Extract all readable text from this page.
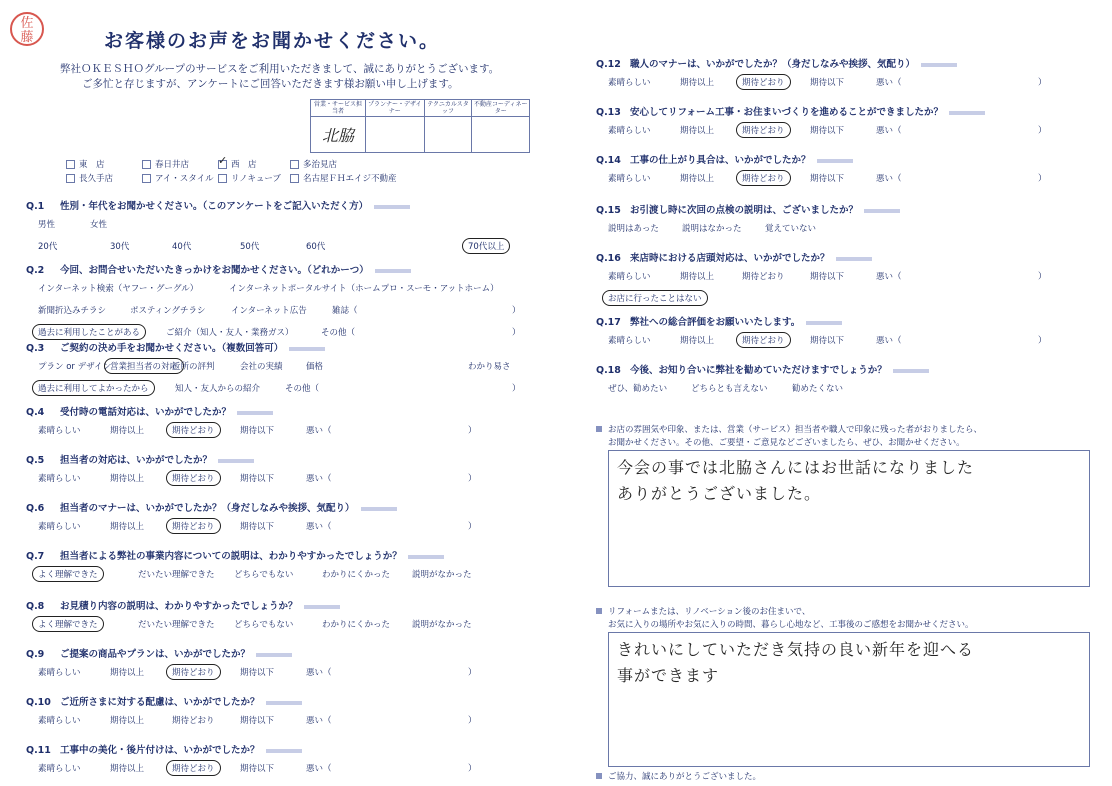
佐
藤	お客様のお声をお聞かせください。
弊社ＯＫＥＳＨＯグループのサービスをご利用いただきまして、誠にありがとうございます。
ご多忙と存じますが、アンケートにご回答いただきます様お願い申し上げます。
営業・サービス担当者	プランナー・デザイナー	テクニカルスタッフ	不動産コーディネーター
北脇			
東　店	春日井店 ✓	西　店	多治見店
長久手店	アイ・スタイル	リノキューブ	名古屋ＦＨエイジ不動産
Q.1 性別・年代をお聞かせください。（このアンケートをご記入いただく方）
男性	女性
20代	30代	40代	50代	60代	70代以上
Q.2 今回、お問合せいただいたきっかけをお聞かせください。（どれかーつ）
インターネット検索（ヤフー・グーグル）	インターネットポータルサイト（ホームプロ・スーモ・アットホーム）
新聞折込みチラシ	ポスティングチラシ	インターネット広告	雑誌（	）
過去に利用したことがある	ご紹介（知人・友人・業務ガス）	その他（	）
Q.3 ご契約の決め手をお聞かせください。（複数回答可）
プラン or デザイン
営業担当者の対応
近所の評判	会社の実績	価格	わかり易さ
過去に利用してよかったから	知人・友人からの紹介	その他（	）
Q.4 受付時の電話対応は、いかがでしたか？
素晴らしい	期待以上	期待どおり	期待以下	悪い（	）
Q.5 担当者の対応は、いかがでしたか？
素晴らしい	期待以上	期待どおり	期待以下	悪い（	）
Q.6 担当者のマナーは、いかがでしたか？（身だしなみや挨拶、気配り）
素晴らしい	期待以上	期待どおり	期待以下	悪い（	）
Q.7 担当者による弊社の事業内容についての説明は、わかりやすかったでしょうか？
よく理解できた	だいたい理解できた どちらでもない	わかりにくかった	説明がなかった
Q.8 お見積り内容の説明は、わかりやすかったでしょうか？
よく理解できた	だいたい理解できた どちらでもない	わかりにくかった	説明がなかった
Q.9 ご提案の商品やプランは、いかがでしたか？
素晴らしい	期待以上	期待どおり	期待以下	悪い（	）
Q.10 ご近所さまに対する配慮は、いかがでしたか？
素晴らしい	期待以上	期待どおり	期待以下	悪い（	）
Q.11 工事中の美化・後片付けは、いかがでしたか？
素晴らしい	期待以上	期待どおり	期待以下	悪い（	）
Q.12 職人のマナーは、いかがでしたか？（身だしなみや挨拶、気配り）
素晴らしい	期待以上	期待どおり	期待以下	悪い（	）
Q.13 安心してリフォーム工事・お住まいづくりを進めることができましたか？
素晴らしい	期待以上	期待どおり	期待以下	悪い（	）
Q.14 工事の仕上がり具合は、いかがでしたか？
素晴らしい	期待以上	期待どおり	期待以下	悪い（	）
Q.15 お引渡し時に次回の点検の説明は、ございましたか？
説明はあった	説明はなかった	覚えていない
Q.16 来店時における店頭対応は、いかがでしたか？
素晴らしい	期待以上	期待どおり	期待以下	悪い（	）
お店に行ったことはない
Q.17 弊社への総合評価をお願いいたします。
素晴らしい	期待以上	期待どおり	期待以下	悪い（	）
Q.18 今後、お知り合いに弊社を勧めていただけますでしょうか？
ぜひ、勧めたい	どちらとも言えない	勧めたくない
お店の雰囲気や印象、または、営業（サービス）担当者や職人で印象に残った者がおりましたら、
お聞かせください。その他、ご要望・ご意見などございましたら、ぜひ、お聞かせください。
今会の事では北脇さんにはお世話になりました
ありがとうございました。
リフォームまたは、リノベーション後のお住まいで、
お気に入りの場所やお気に入りの時間、暮らし心地など、工事後のご感想をお聞かせください。
きれいにしていただき気持の良い新年を迎へる
事ができます
ご協力、誠にありがとうございました。
